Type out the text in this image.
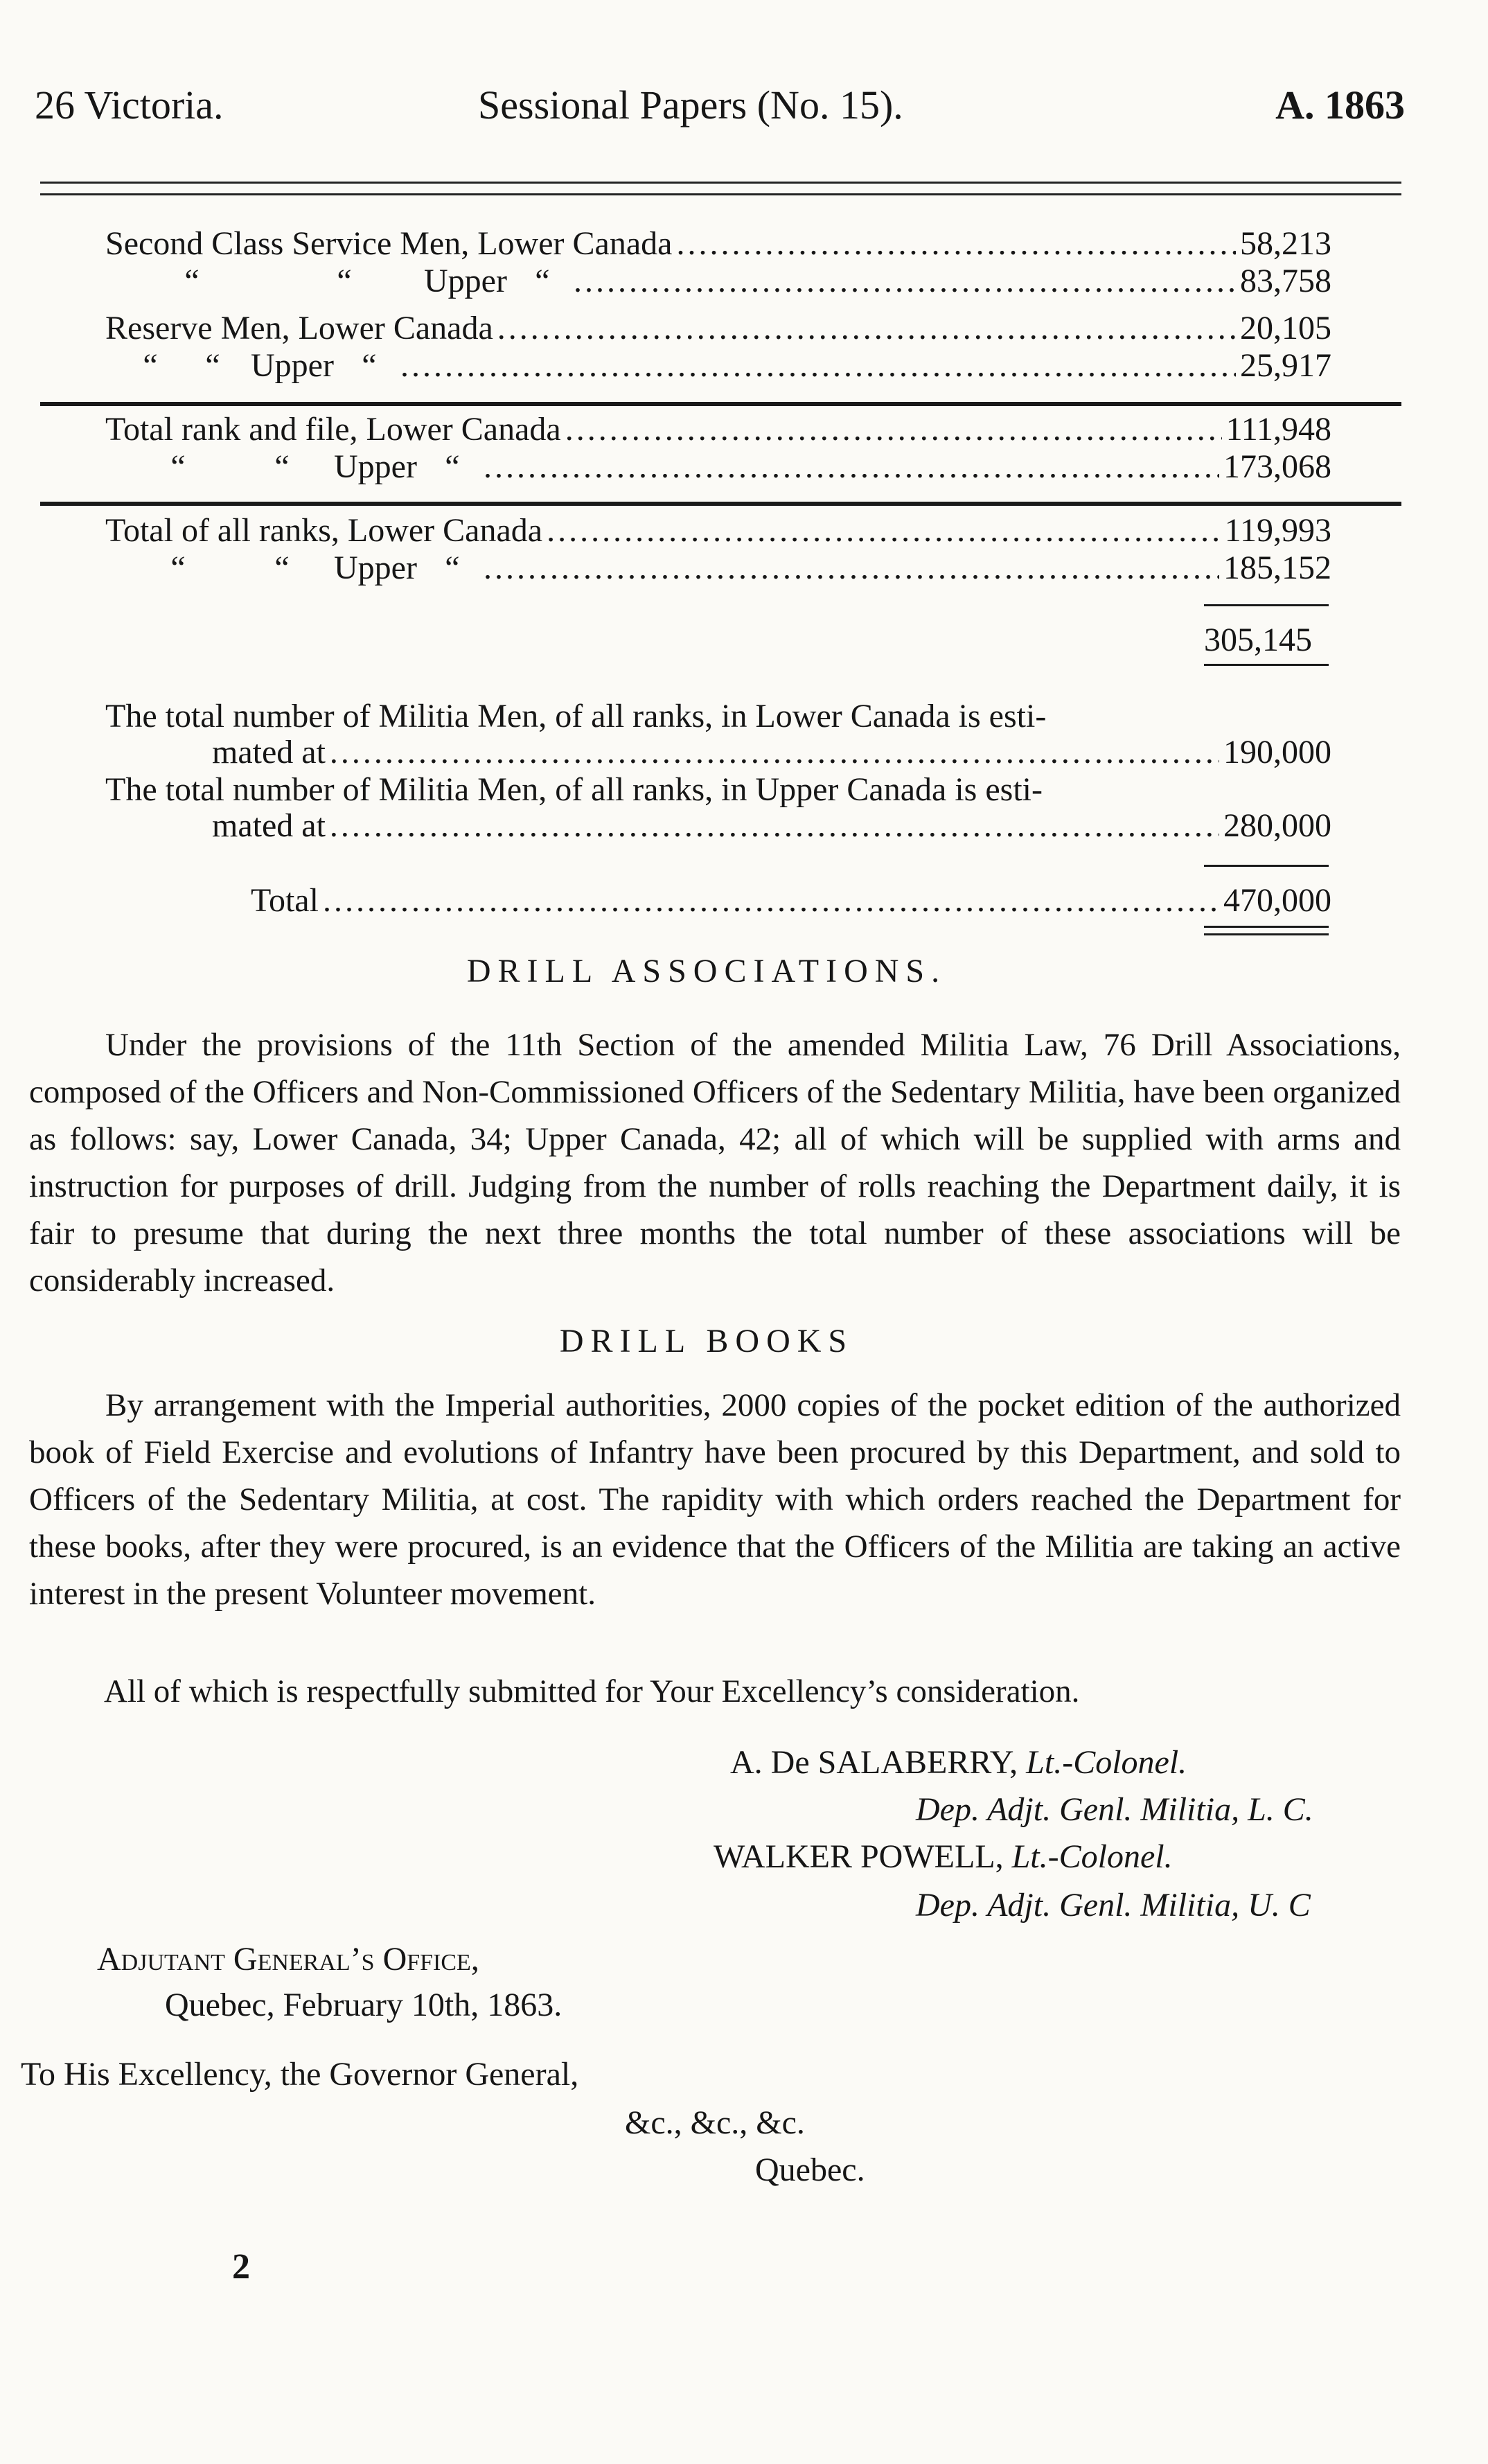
26 Victoria.	Sessional Papers (No. 15).	A. 1863
Second Class Service Men, Lower Canada . . .	58,213
“	“	Upper “ . . .	83,758
Reserve Men, Lower Canada . . .	20,105
“	“ Upper “ . . .	25,917
Total rank and file, Lower Canada . . .	111,948
“	“	Upper “ . . .	173,068
Total of all ranks, Lower Canada . . .	119,993
“	“	Upper “ . . .	185,152
305,145
The total number of Militia Men, of all ranks, in Lower Canada is esti-
mated at . . .	190,000
The total number of Militia Men, of all ranks, in Upper Canada is esti-
mated at . . .	280,000
Total . . .	470,000
DRILL ASSOCIATIONS.
Under the provisions of the 11th Section of the amended Militia Law, 76 Drill Associations, composed of the Officers and Non-Commissioned Officers of the Sedentary Militia, have been organized as follows: say, Lower Canada, 34; Upper Canada, 42; all of which will be supplied with arms and instruction for purposes of drill. Judging from the number of rolls reaching the Department daily, it is fair to presume that during the next three months the total number of these associations will be considerably increased.
DRILL BOOKS
By arrangement with the Imperial authorities, 2000 copies of the pocket edition of the authorized book of Field Exercise and evolutions of Infantry have been procured by this Department, and sold to Officers of the Sedentary Militia, at cost. The rapidity with which orders reached the Department for these books, after they were procured, is an evidence that the Officers of the Militia are taking an active interest in the present Volunteer movement.
All of which is respectfully submitted for Your Excellency’s consideration.
A. De SALABERRY, Lt.-Colonel.
Dep. Adjt. Genl. Militia, L. C.
WALKER POWELL, Lt.-Colonel.
Dep. Adjt. Genl. Militia, U. C
Adjutant General’s Office,
Quebec, February 10th, 1863.
To His Excellency, the Governor General,
&c., &c., &c.
Quebec.
2
